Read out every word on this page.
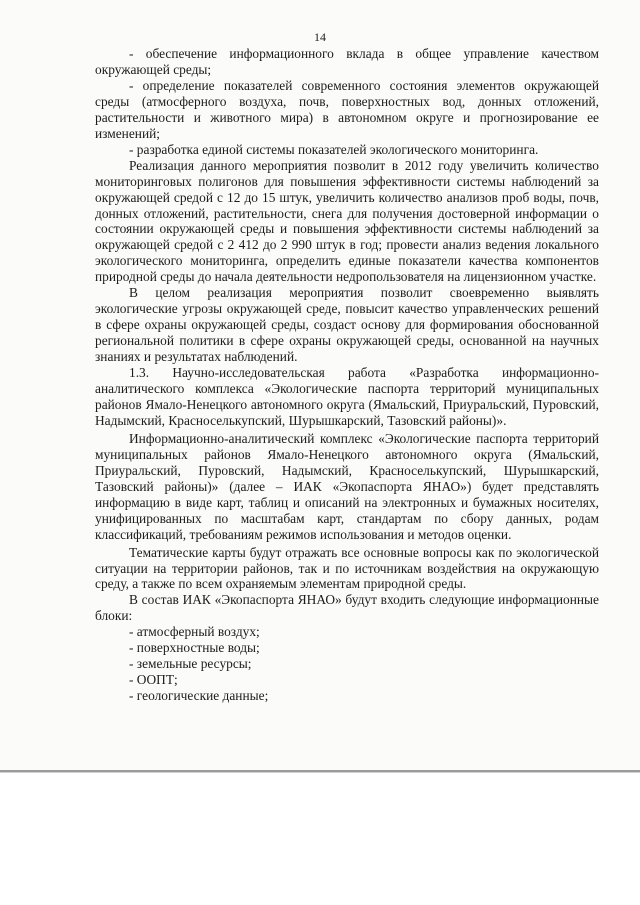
14

- обеспечение информационного вклада в общее управление качеством окружающей среды;

- определение показателей современного состояния элементов окружающей среды (атмосферного воздуха, почв, поверхностных вод, донных отложений, растительности и животного мира) в автономном округе и прогнозирование ее изменений;

- разработка единой системы показателей экологического мониторинга.

Реализация данного мероприятия позволит в 2012 году увеличить количество мониторинговых полигонов для повышения эффективности системы наблюдений за окружающей средой с 12 до 15 штук, увеличить количество анализов проб воды, почв, донных отложений, растительности, снега для получения достоверной информации о состоянии окружающей среды и повышения эффективности системы наблюдений за окружающей средой с 2 412 до 2 990 штук в год; провести анализ ведения локального экологического мониторинга, определить единые показатели качества компонентов природной среды до начала деятельности недропользователя на лицензионном участке.

В целом реализация мероприятия позволит своевременно выявлять экологические угрозы окружающей среде, повысит качество управленческих решений в сфере охраны окружающей среды, создаст основу для формирования обоснованной региональной политики в сфере охраны окружающей среды, основанной на научных знаниях и результатах наблюдений.

1.3. Научно-исследовательская работа «Разработка информационно-аналитического комплекса «Экологические паспорта территорий муниципальных районов Ямало-Ненецкого автономного округа (Ямальский, Приуральский, Пуровский, Надымский, Красноселькупский, Шурышкарский, Тазовский районы)».

Информационно-аналитический комплекс «Экологические паспорта территорий муниципальных районов Ямало-Ненецкого автономного округа (Ямальский, Приуральский, Пуровский, Надымский, Красноселькупский, Шурышкарский, Тазовский районы)» (далее – ИАК «Экопаспорта ЯНАО») будет представлять информацию в виде карт, таблиц и описаний на электронных и бумажных носителях, унифицированных по масштабам карт, стандартам по сбору данных, родам классификаций, требованиям режимов использования и методов оценки.

Тематические карты будут отражать все основные вопросы как по экологической ситуации на территории районов, так и по источникам воздействия на окружающую среду, а также по всем охраняемым элементам природной среды.

В состав ИАК «Экопаспорта ЯНАО» будут входить следующие информационные блоки:

- атмосферный воздух;

- поверхностные воды;

- земельные ресурсы;

- ООПТ;

- геологические данные;
